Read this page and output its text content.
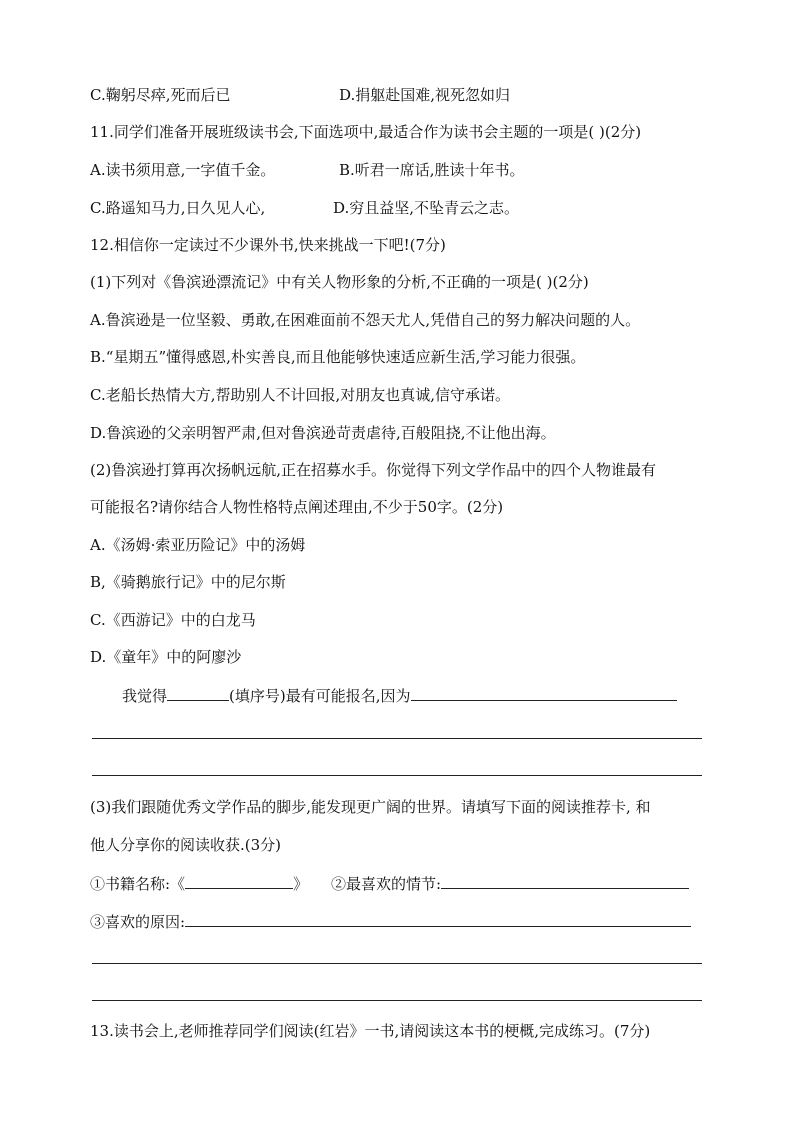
C.鞠躬尽瘁,死而后已	D.捐躯赴国难,视死忽如归
11.同学们准备开展班级读书会,下面选项中,最适合作为读书会主题的一项是( )(2分)
A.读书须用意,一字值千金。	B.听君一席话,胜读十年书。
C.路遥知马力,日久见人心,	D.穷且益坚,不坠青云之志。
12.相信你一定读过不少课外书,快来挑战一下吧!(7分)
(1)下列对《鲁滨逊漂流记》中有关人物形象的分析,不正确的一项是( )(2分)
A.鲁滨逊是一位坚毅、勇敢,在困难面前不怨天尤人,凭借自己的努力解决问题的人。
B.“星期五”懂得感恩,朴实善良,而且他能够快速适应新生活,学习能力很强。
C.老船长热情大方,帮助别人不计回报,对朋友也真诚,信守承诺。
D.鲁滨逊的父亲明智严肃,但对鲁滨逊苛责虐待,百般阻挠,不让他出海。
(2)鲁滨逊打算再次扬帆远航,正在招募水手。你觉得下列文学作品中的四个人物谁最有
可能报名?请你结合人物性格特点阐述理由,不少于50字。(2分)
A.《汤姆·索亚历险记》中的汤姆
B,《骑鹅旅行记》中的尼尔斯
C.《西游记》中的白龙马
D.《童年》中的阿廖沙
我觉得	(填序号)最有可能报名,因为
(3)我们跟随优秀文学作品的脚步,能发现更广阔的世界。请填写下面的阅读推荐卡, 和
他人分享你的阅读收获.(3分)
①书籍名称:《	》 ②最喜欢的情节:
③喜欢的原因:
13.读书会上,老师推荐同学们阅读(红岩》一书,请阅读这本书的梗概,完成练习。(7分)
